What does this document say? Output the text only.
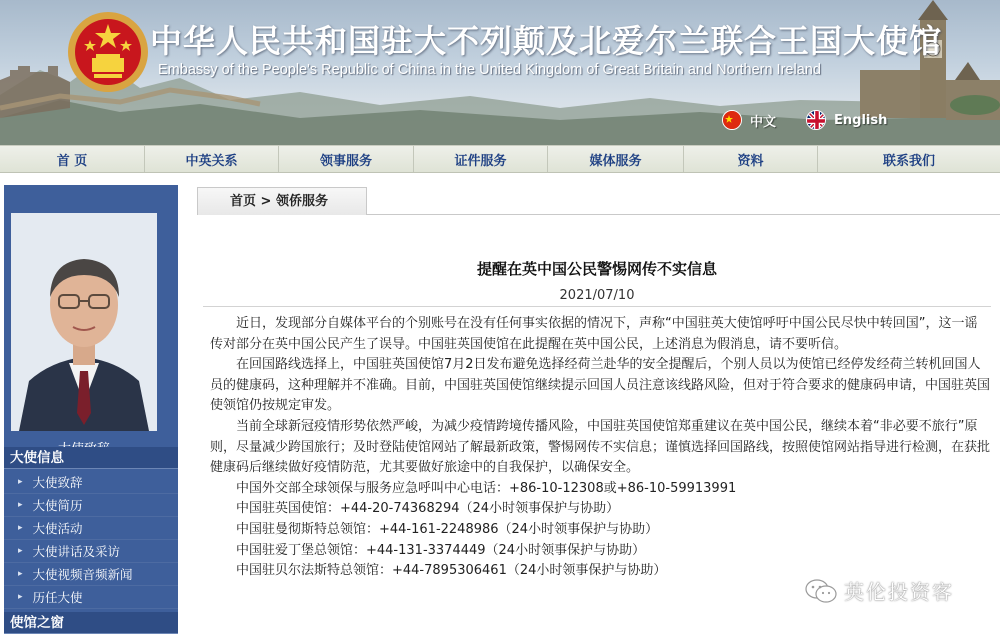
中华人民共和国驻大不列颠及北爱尔兰联合王国大使馆
Embassy of the People's Republic of China in the United Kingdom of Great Britain and Northern Ireland
中文	English
首 页	中英关系	领事服务	证件服务	媒体服务	资料	联系我们
大使信息
▸ 大使致辞
▸ 大使简历
▸ 大使活动
▸ 大使讲话及采访
▸ 大使视频音频新闻
▸ 历任大使
使馆之窗
首页 > 领侨服务
提醒在英中国公民警惕网传不实信息
2021/07/10

近日，发现部分自媒体平台的个别账号在没有任何事实依据的情况下，声称“中国驻英大使馆呼吁中国公民尽快中转回国”，这一谣传对部分在英中国公民产生了误导。中国驻英国使馆在此提醒在英中国公民，上述消息为假消息，请不要听信。

在回国路线选择上，中国驻英国使馆7月2日发布避免选择经荷兰赴华的安全提醒后，个别人员以为使馆已经停发经荷兰转机回国人员的健康码，这种理解并不准确。目前，中国驻英国使馆继续提示回国人员注意该线路风险，但对于符合要求的健康码申请，中国驻英国使领馆仍按规定审发。

当前全球新冠疫情形势依然严峻，为减少疫情跨境传播风险，中国驻英国使馆郑重建议在英中国公民，继续本着“非必要不旅行”原则，尽量减少跨国旅行；及时登陆使馆网站了解最新政策，警惕网传不实信息；谨慎选择回国路线，按照使馆网站指导进行检测，在获批健康码后继续做好疫情防范，尤其要做好旅途中的自我保护，以确保安全。

中国外交部全球领保与服务应急呼叫中心电话：+86-10-12308或+86-10-59913991

中国驻英国使馆：+44-20-74368294（24小时领事保护与协助）

中国驻曼彻斯特总领馆：+44-161-2248986（24小时领事保护与协助）

中国驻爱丁堡总领馆：+44-131-3374449（24小时领事保护与协助）

中国驻贝尔法斯特总领馆：+44-7895306461（24小时领事保护与协助）

英伦投资客
